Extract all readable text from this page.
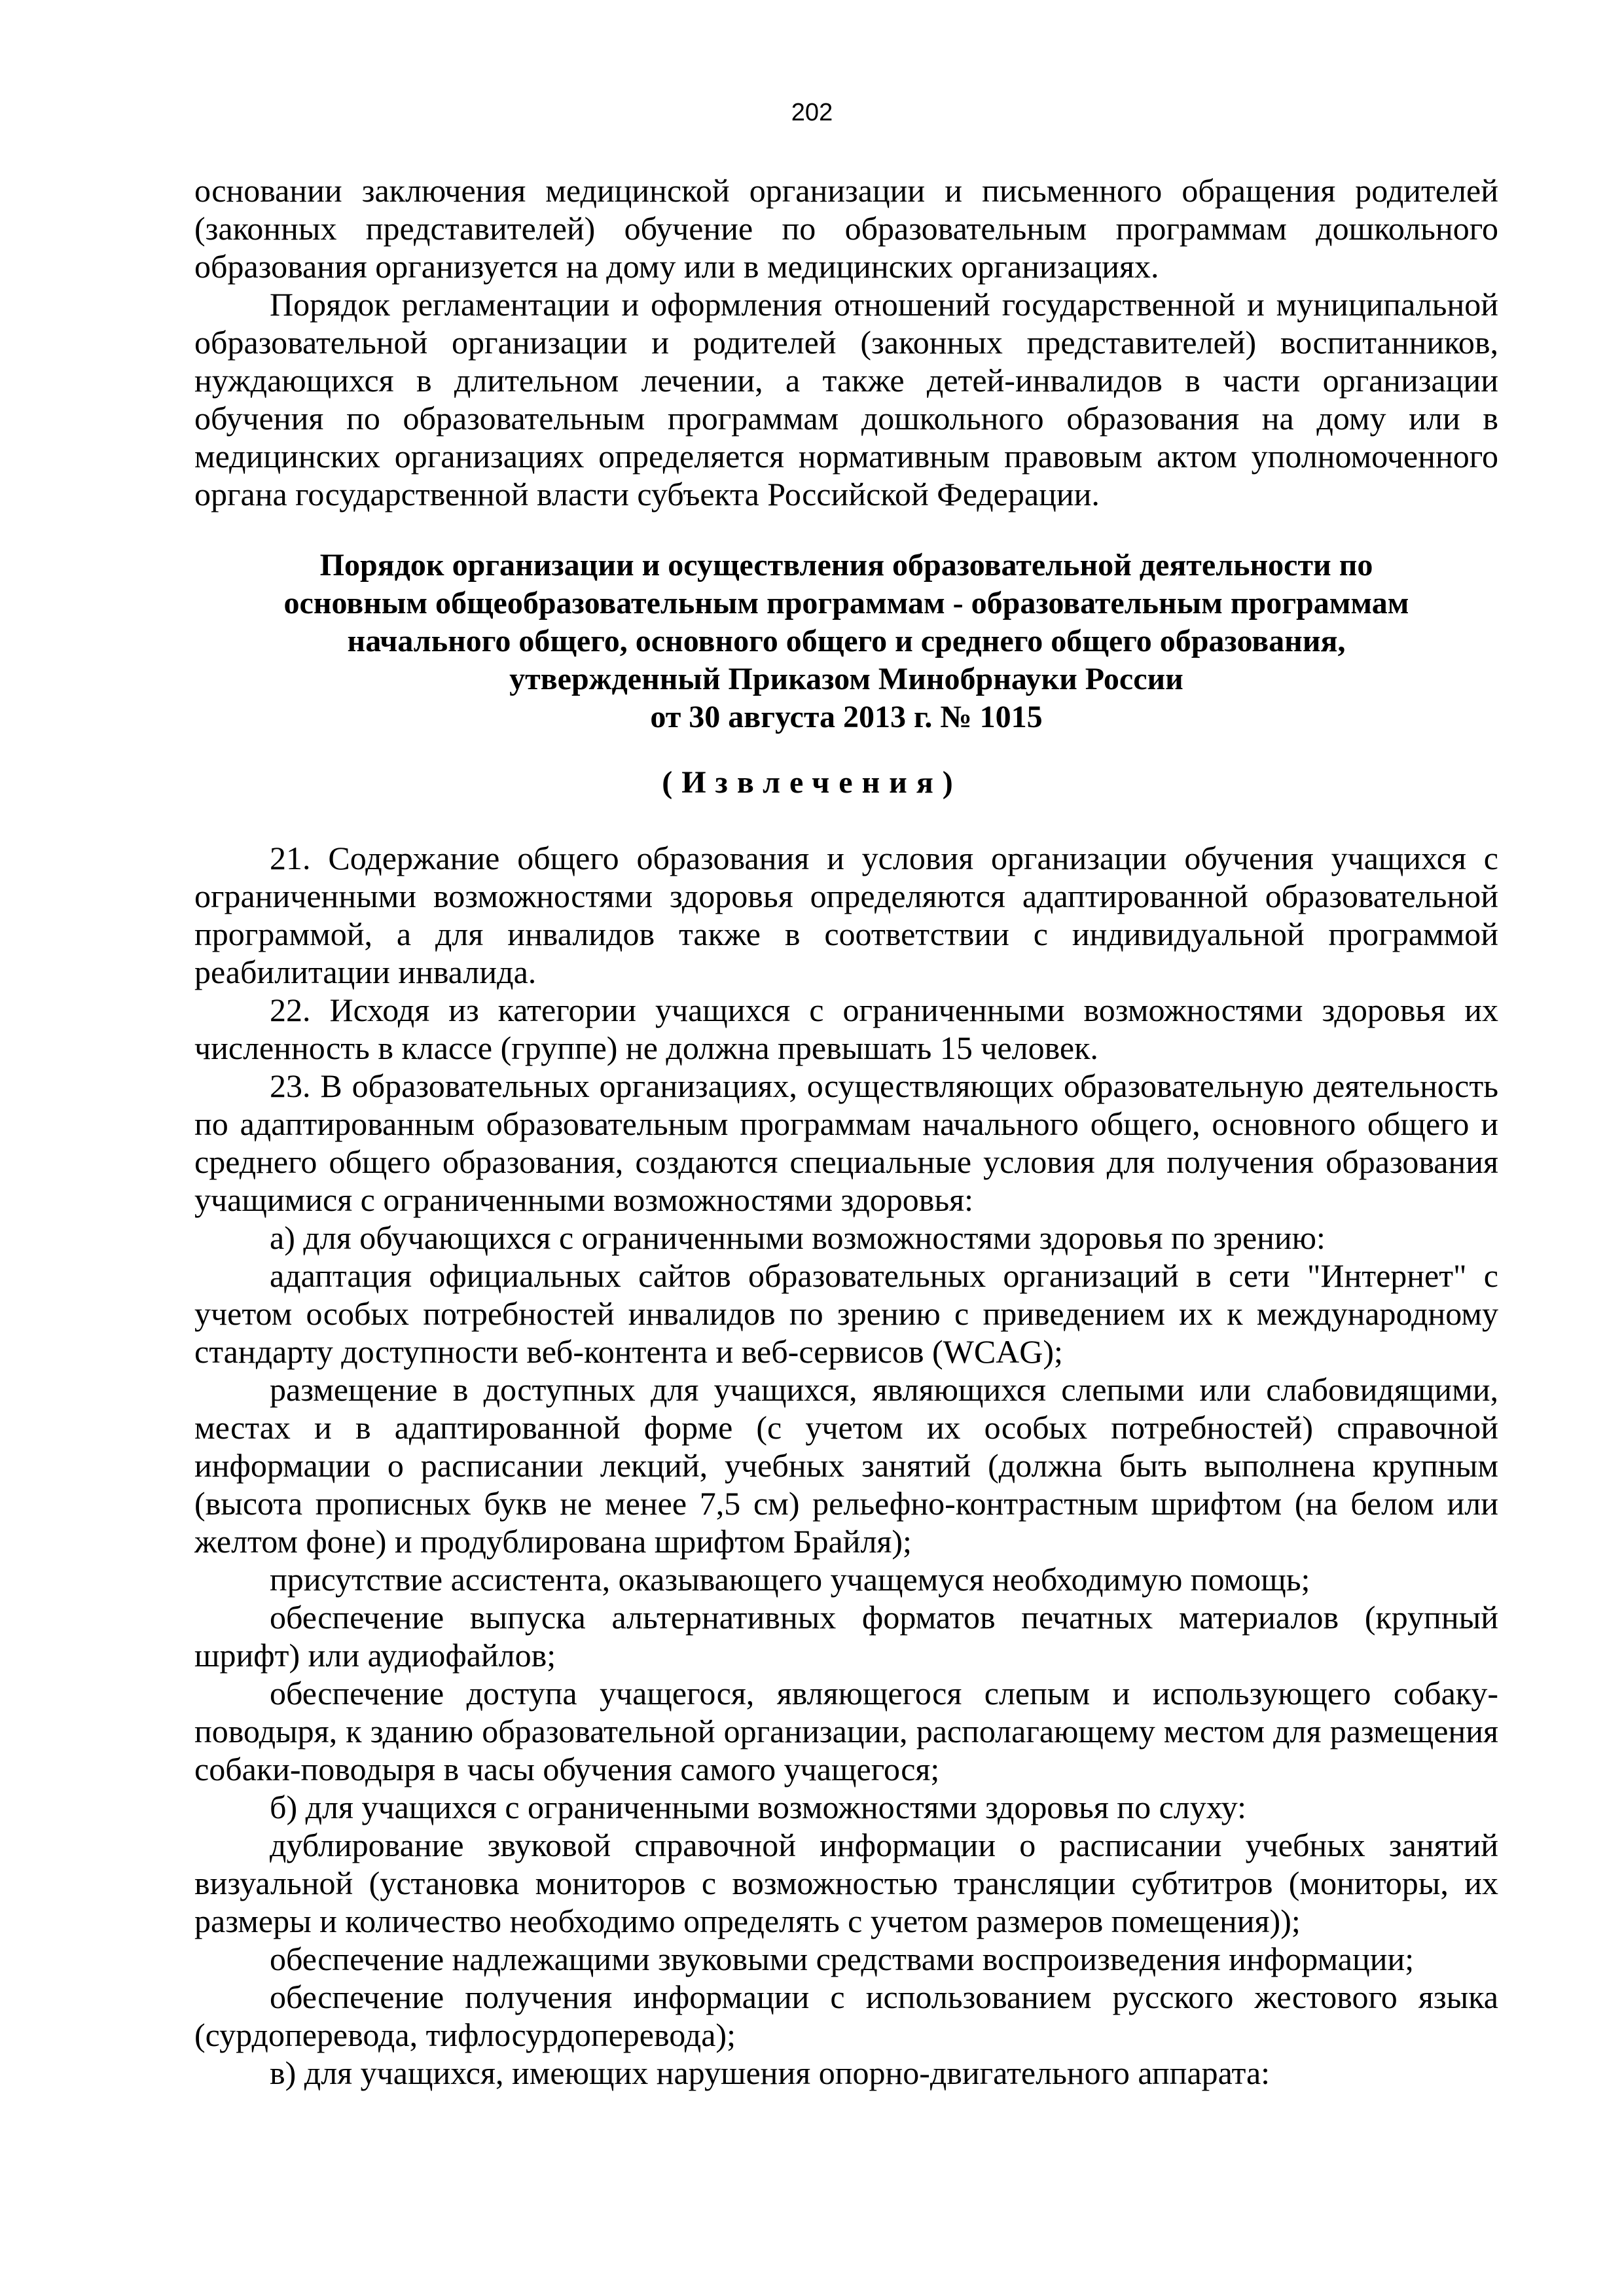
202

основании заключения медицинской организации и письменного обращения родителей (законных представителей) обучение по образовательным программам дошкольного образования организуется на дому или в медицинских организациях.

Порядок регламентации и оформления отношений государственной и муниципальной образовательной организации и родителей (законных представителей) воспитанников, нуждающихся в длительном лечении, а также детей-инвалидов в части организации обучения по образовательным программам дошкольного образования на дому или в медицинских организациях определяется нормативным правовым актом уполномоченного органа государственной власти субъекта Российской Федерации.

Порядок организации и осуществления образовательной деятельности по
основным общеобразовательным программам - образовательным программам
начального общего, основного общего и среднего общего образования,
утвержденный Приказом Минобрнауки России
от 30 августа 2013 г. № 1015
(Извлечения)

21. Содержание общего образования и условия организации обучения учащихся с ограниченными возможностями здоровья определяются адаптированной образовательной программой, а для инвалидов также в соответствии с индивидуальной программой реабилитации инвалида.

22. Исходя из категории учащихся с ограниченными возможностями здоровья их численность в классе (группе) не должна превышать 15 человек.

23. В образовательных организациях, осуществляющих образовательную деятельность по адаптированным образовательным программам начального общего, основного общего и среднего общего образования, создаются специальные условия для получения образования учащимися с ограниченными возможностями здоровья:

а) для обучающихся с ограниченными возможностями здоровья по зрению:

адаптация официальных сайтов образовательных организаций в сети "Интернет" с учетом особых потребностей инвалидов по зрению с приведением их к международному стандарту доступности веб-контента и веб-сервисов (WCAG);

размещение в доступных для учащихся, являющихся слепыми или слабовидящими, местах и в адаптированной форме (с учетом их особых потребностей) справочной информации о расписании лекций, учебных занятий (должна быть выполнена крупным (высота прописных букв не менее 7,5 см) рельефно-контрастным шрифтом (на белом или желтом фоне) и продублирована шрифтом Брайля);

присутствие ассистента, оказывающего учащемуся необходимую помощь;

обеспечение выпуска альтернативных форматов печатных материалов (крупный шрифт) или аудиофайлов;

обеспечение доступа учащегося, являющегося слепым и использующего собаку-поводыря, к зданию образовательной организации, располагающему местом для размещения собаки-поводыря в часы обучения самого учащегося;

б) для учащихся с ограниченными возможностями здоровья по слуху:

дублирование звуковой справочной информации о расписании учебных занятий визуальной (установка мониторов с возможностью трансляции субтитров (мониторы, их размеры и количество необходимо определять с учетом размеров помещения));

обеспечение надлежащими звуковыми средствами воспроизведения информации;

обеспечение получения информации с использованием русского жестового языка (сурдоперевода, тифлосурдоперевода);

в) для учащихся, имеющих нарушения опорно-двигательного аппарата:
